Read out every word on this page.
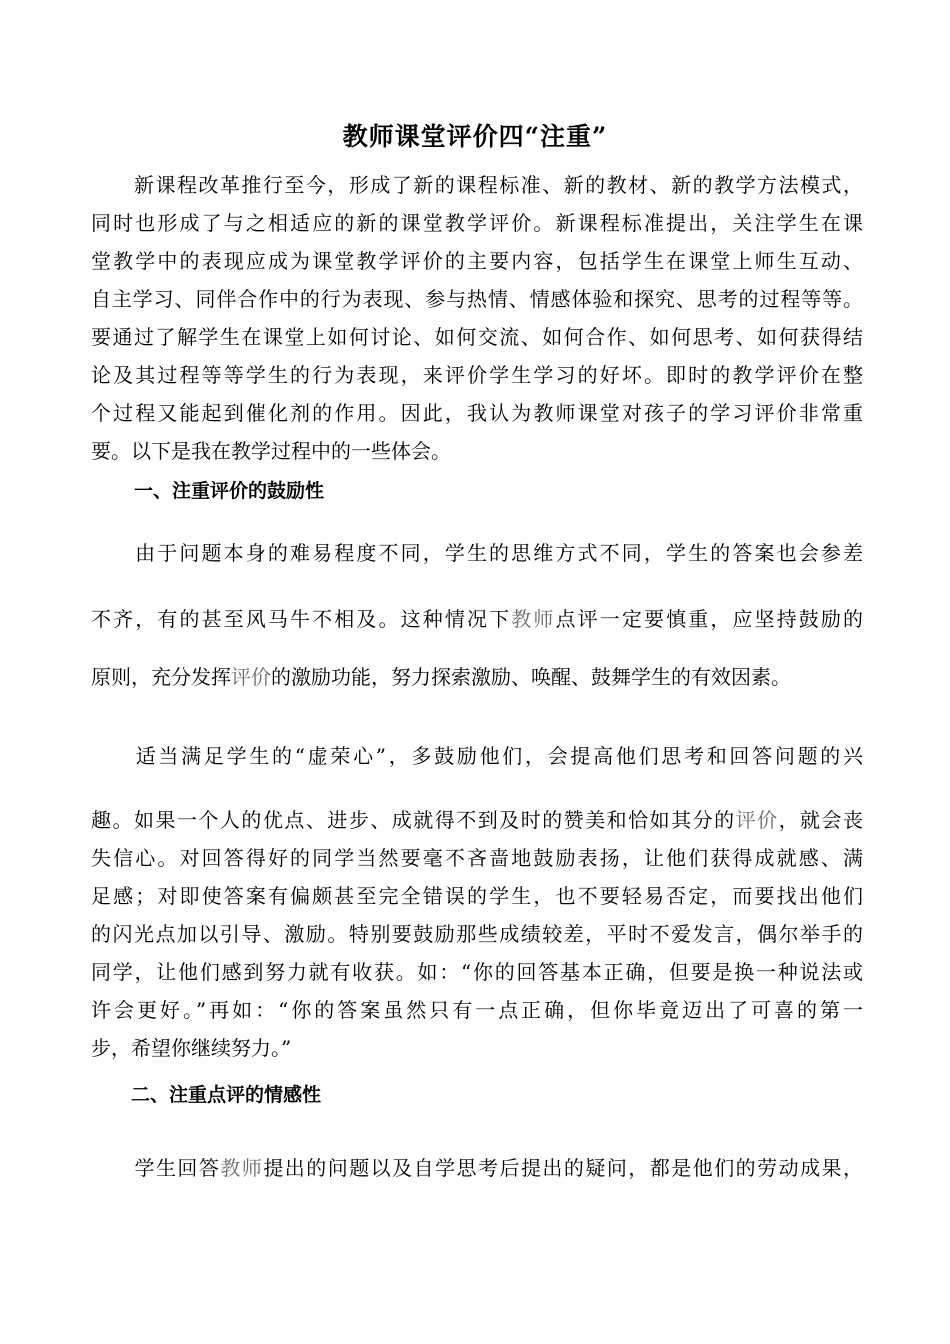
教师课堂评价四“注重”
　　新课程改革推行至今，形成了新的课程标准、新的教材、新的教学方法模式，
同时也形成了与之相适应的新的课堂教学评价。新课程标准提出，关注学生在课
堂教学中的表现应成为课堂教学评价的主要内容，包括学生在课堂上师生互动、
自主学习、同伴合作中的行为表现、参与热情、情感体验和探究、思考的过程等等。
要通过了解学生在课堂上如何讨论、如何交流、如何合作、如何思考、如何获得结
论及其过程等等学生的行为表现，来评价学生学习的好坏。即时的教学评价在整
个过程又能起到催化剂的作用。因此，我认为教师课堂对孩子的学习评价非常重
要。以下是我在教学过程中的一些体会。
一、注重评价的鼓励性
　由于问题本身的难易程度不同，学生的思维方式不同，学生的答案也会参差
不齐，有的甚至风马牛不相及。这种情况下教师点评一定要慎重，应坚持鼓励的
原则，充分发挥评价的激励功能，努力探索激励、唤醒、鼓舞学生的有效因素。
　适当满足学生的“虚荣心”，多鼓励他们，会提高他们思考和回答问题的兴
趣。如果一个人的优点、进步、成就得不到及时的赞美和恰如其分的评价，就会丧
失信心。对回答得好的同学当然要毫不吝啬地鼓励表扬，让他们获得成就感、满
足感；对即使答案有偏颇甚至完全错误的学生，也不要轻易否定，而要找出他们
的闪光点加以引导、激励。特别要鼓励那些成绩较差，平时不爱发言，偶尔举手的
同学，让他们感到努力就有收获。如：“你的回答基本正确，但要是换一种说法或
许会更好。”再如：“你的答案虽然只有一点正确，但你毕竟迈出了可喜的第一
步，希望你继续努力。”
二、注重点评的情感性
　学生回答教师提出的问题以及自学思考后提出的疑问，都是他们的劳动成果，
